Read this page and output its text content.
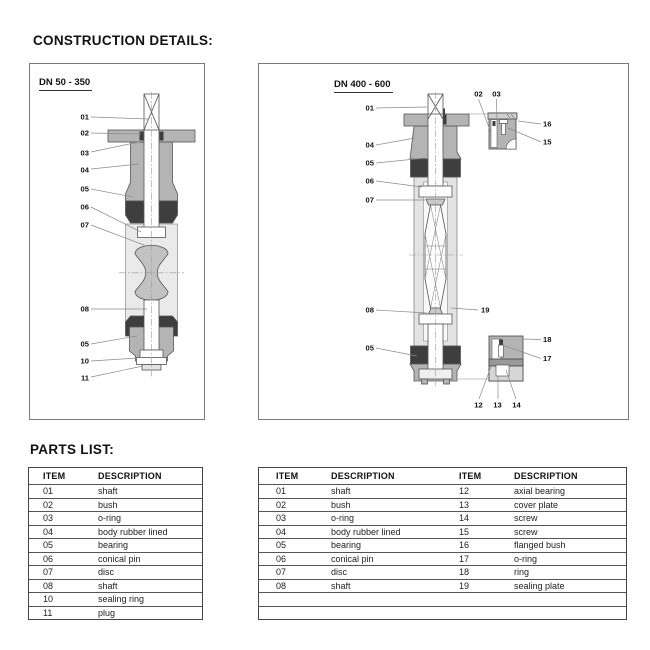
CONSTRUCTION DETAILS:
DN 50 - 350
01
02
03
04
05
06
07
08
05
10
11
DN 400 - 600
01
04
05
06
07
08	19
05
02 03
16
15
18
17
12 13 14
PARTS LIST:
ITEM	DESCRIPTION
01	shaft
02	bush
03	o-ring
04	body rubber lined
05	bearing
06	conical pin
07	disc
08	shaft
10	sealing ring
11	plug
ITEM	DESCRIPTION	ITEM	DESCRIPTION
01	shaft	12	axial bearing
02	bush	13	cover plate
03	o-ring	14	screw
04	body rubber lined	15	screw
05	bearing	16	flanged bush
06	conical pin	17	o-ring
07	disc	18	ring
08	shaft	19	sealing plate
